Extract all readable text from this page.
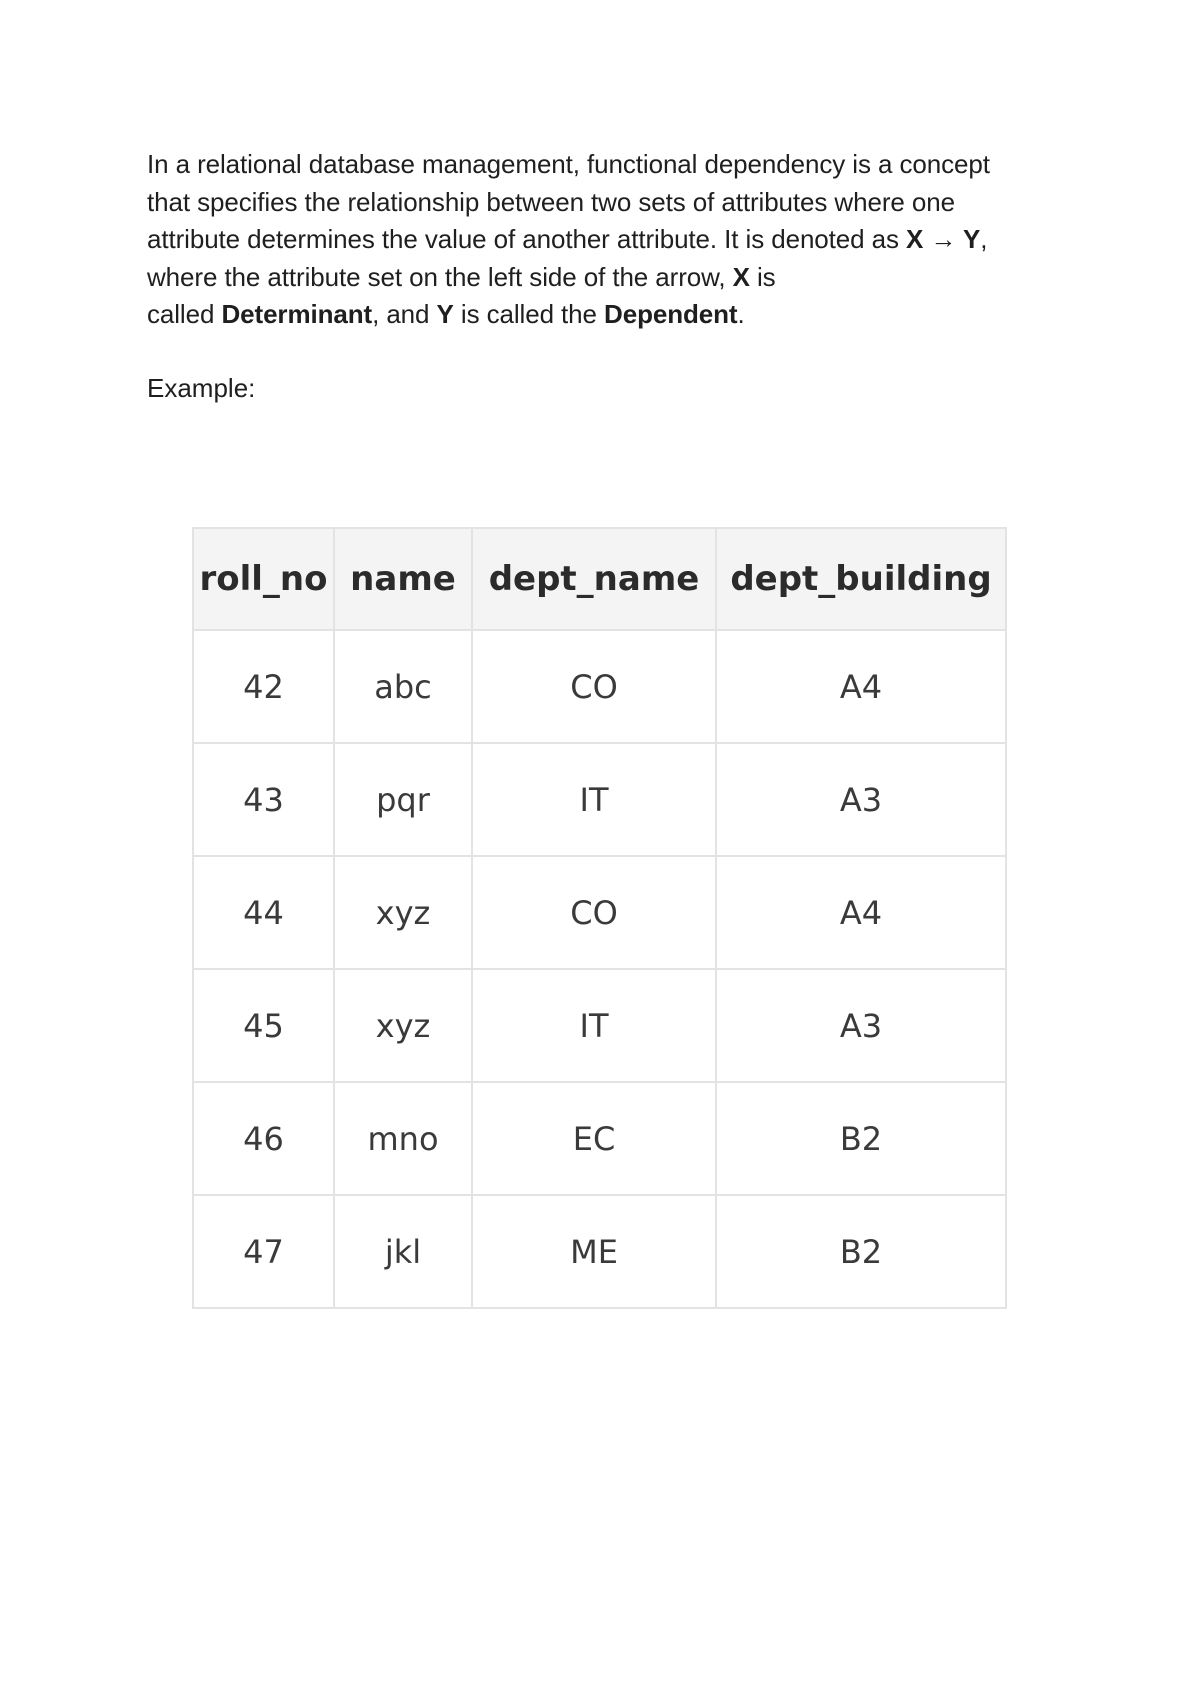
In a relational database management, functional dependency is a concept
that specifies the relationship between two sets of attributes where one
attribute determines the value of another attribute. It is denoted as X → Y,
where the attribute set on the left side of the arrow, X is
called Determinant, and Y is called the Dependent.
Example:
roll_no	name	dept_name	dept_building
42	abc	CO	A4
43	pqr	IT	A3
44	xyz	CO	A4
45	xyz	IT	A3
46	mno	EC	B2
47	jkl	ME	B2
